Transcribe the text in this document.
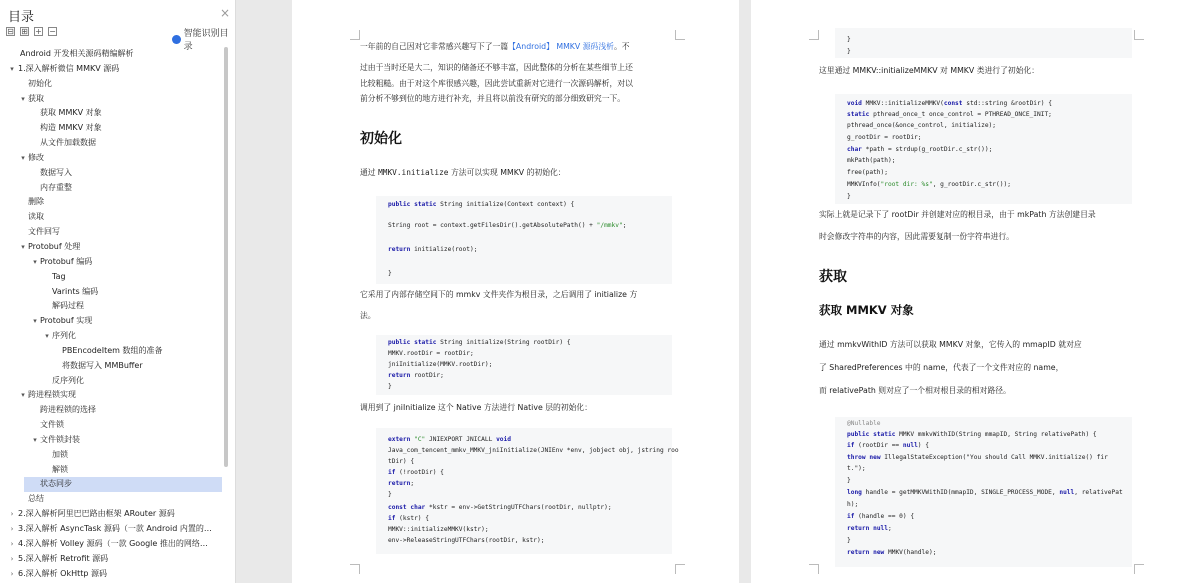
目录	×
⊟ ⊞ + −	智能识别目录
Android 开发相关源码精编解析
▾ 1.深入解析微信 MMKV 源码
初始化
▾ 获取
获取 MMKV 对象
构造 MMKV 对象
从文件加载数据
▾ 修改
数据写入
内存重整
删除
读取
文件回写
▾ Protobuf 处理
▾ Protobuf 编码
Tag
Varints 编码
解码过程
▾ Protobuf 实现
▾ 序列化
PBEncodeItem 数组的准备
将数据写入 MMBuffer
反序列化
▾ 跨进程锁实现
跨进程锁的选择
文件锁
▾ 文件锁封装
加锁
解锁
状态同步
总结
› 2.深入解析阿里巴巴路由框架 ARouter 源码
› 3.深入解析 AsyncTask 源码（一款 Android 内置的…
› 4.深入解析 Volley 源码（一款 Google 推出的网络…
› 5.深入解析 Retrofit 源码
› 6.深入解析 OkHttp 源码
一年前的自己因对它非常感兴趣写下了一篇【Android】 MMKV 源码浅析。不
过由于当时还是大二，知识的储备还不够丰富，因此整体的分析在某些细节上还
比较粗糙。由于对这个库很感兴趣，因此尝试重新对它进行一次源码解析，对以
前分析不够到位的地方进行补充，并且将以前没有研究的部分细致研究一下。
初始化
通过 MMKV.initialize 方法可以实现 MMKV 的初始化：
public static String initialize(Context context) {
String root = context.getFilesDir().getAbsolutePath() + "/mmkv";
return initialize(root);
}
它采用了内部存储空间下的 mmkv 文件夹作为根目录，之后调用了 initialize 方
法。
public static String initialize(String rootDir) {
MMKV.rootDir = rootDir;
jniInitialize(MMKV.rootDir);
return rootDir;
}
调用到了 jniInitialize 这个 Native 方法进行 Native 层的初始化：
extern "C" JNIEXPORT JNICALL void
Java_com_tencent_mmkv_MMKV_jniInitialize(JNIEnv *env, jobject obj, jstring roo
tDir) {
if (!rootDir) {
return;
}
const char *kstr = env->GetStringUTFChars(rootDir, nullptr);
if (kstr) {
MMKV::initializeMMKV(kstr);
env->ReleaseStringUTFChars(rootDir, kstr);
}
}
这里通过 MMKV::initializeMMKV 对 MMKV 类进行了初始化：
void MMKV::initializeMMKV(const std::string &rootDir) {
static pthread_once_t once_control = PTHREAD_ONCE_INIT;
pthread_once(&once_control, initialize);
g_rootDir = rootDir;
char *path = strdup(g_rootDir.c_str());
mkPath(path);
free(path);
MMKVInfo("root dir: %s", g_rootDir.c_str());
}
实际上就是记录下了 rootDir 并创建对应的根目录，由于 mkPath 方法创建目录
时会修改字符串的内容，因此需要复制一份字符串进行。
获取
获取 MMKV 对象
通过 mmkvWithID 方法可以获取 MMKV 对象，它传入的 mmapID 就对应
了 SharedPreferences 中的 name，代表了一个文件对应的 name，
而 relativePath 则对应了一个相对根目录的相对路径。
@Nullable
public static MMKV mmkvWithID(String mmapID, String relativePath) {
if (rootDir == null) {
throw new IllegalStateException("You should Call MMKV.initialize() fir
t.");
}
long handle = getMMKVWithID(mmapID, SINGLE_PROCESS_MODE, null, relativePat
h);
if (handle == 0) {
return null;
}
return new MMKV(handle);
